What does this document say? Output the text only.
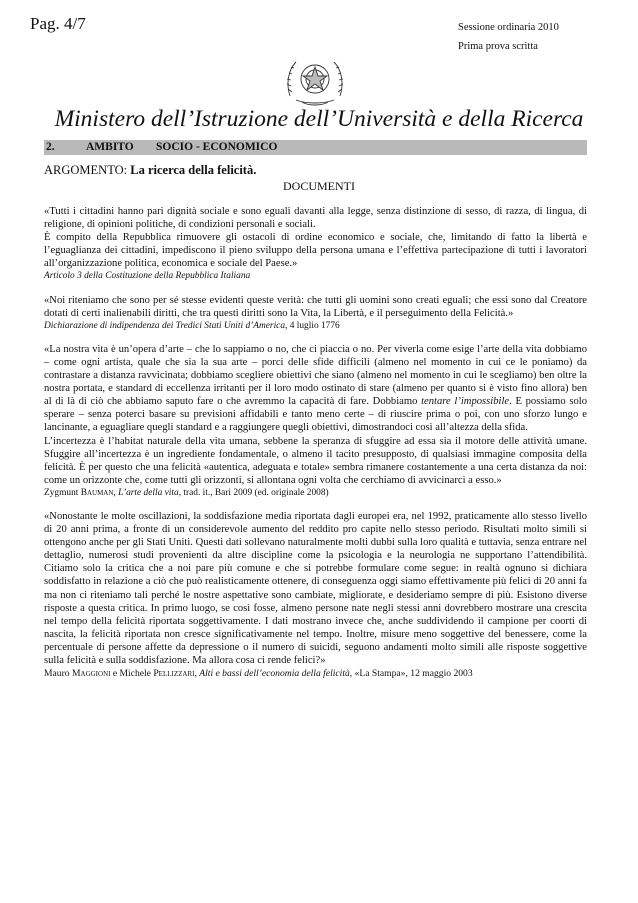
Pag. 4/7	Sessione ordinaria 2010
Prima prova scritta
Ministero dell’Istruzione dell’Università e della Ricerca
2.	AMBITO SOCIO - ECONOMICO
ARGOMENTO: La ricerca della felicità.
DOCUMENTI

«Tutti i cittadini hanno pari dignità sociale e sono eguali davanti alla legge, senza distinzione di sesso, di razza, di lingua, di religione, di opinioni politiche, di condizioni personali e sociali.

È compito della Repubblica rimuovere gli ostacoli di ordine economico e sociale, che, limitando di fatto la libertà e l’eguaglianza dei cittadini, impediscono il pieno sviluppo della persona umana e l’effettiva partecipazione di tutti i lavoratori all’organizzazione politica, economica e sociale del Paese.»

Articolo 3 della Costituzione della Repubblica Italiana

«Noi riteniamo che sono per sé stesse evidenti queste verità: che tutti gli uomini sono creati eguali; che essi sono dal Creatore dotati di certi inalienabili diritti, che tra questi diritti sono la Vita, la Libertà, e il perseguimento della Felicità.»

Dichiarazione di indipendenza dei Tredici Stati Uniti d’America, 4 luglio 1776

«La nostra vita è un’opera d’arte – che lo sappiamo o no, che ci piaccia o no. Per viverla come esige l’arte della vita dobbiamo – come ogni artista, quale che sia la sua arte – porci delle sfide difficili (almeno nel momento in cui ce le poniamo) da contrastare a distanza ravvicinata; dobbiamo scegliere obiettivi che siano (almeno nel momento in cui le scegliamo) ben oltre la nostra portata, e standard di eccellenza irritanti per il loro modo ostinato di stare (almeno per quanto si è visto fino allora) ben al di là di ciò che abbiamo saputo fare o che avremmo la capacità di fare. Dobbiamo tentare l’impossibile. E possiamo solo sperare – senza poterci basare su previsioni affidabili e tanto meno certe – di riuscire prima o poi, con uno sforzo lungo e lancinante, a eguagliare quegli standard e a raggiungere quegli obiettivi, dimostrandoci così all’altezza della sfida.

L’incertezza è l’habitat naturale della vita umana, sebbene la speranza di sfuggire ad essa sia il motore delle attività umane. Sfuggire all’incertezza è un ingrediente fondamentale, o almeno il tacito presupposto, di qualsiasi immagine composita della felicità. È per questo che una felicità «autentica, adeguata e totale» sembra rimanere costantemente a una certa distanza da noi: come un orizzonte che, come tutti gli orizzonti, si allontana ogni volta che cerchiamo di avvicinarci a esso.»

Zygmunt Bauman, L’arte della vita, trad. it., Bari 2009 (ed. originale 2008)

«Nonostante le molte oscillazioni, la soddisfazione media riportata dagli europei era, nel 1992, praticamente allo stesso livello di 20 anni prima, a fronte di un considerevole aumento del reddito pro capite nello stesso periodo. Risultati molto simili si ottengono anche per gli Stati Uniti. Questi dati sollevano naturalmente molti dubbi sulla loro qualità e tuttavia, senza entrare nel dettaglio, numerosi studi provenienti da altre discipline come la psicologia e la neurologia ne supportano l’attendibilità. Citiamo solo la critica che a noi pare più comune e che si potrebbe formulare come segue: in realtà ognuno si dichiara soddisfatto in relazione a ciò che può realisticamente ottenere, di conseguenza oggi siamo effettivamente più felici di 20 anni fa ma non ci riteniamo tali perché le nostre aspettative sono cambiate, migliorate, e desideriamo sempre di più. Esistono diverse risposte a questa critica. In primo luogo, se così fosse, almeno persone nate negli stessi anni dovrebbero mostrare una crescita nel tempo della felicità riportata soggettivamente. I dati mostrano invece che, anche suddividendo il campione per coorti di nascita, la felicità riportata non cresce significativamente nel tempo. Inoltre, misure meno soggettive del benessere, come la percentuale di persone affette da depressione o il numero di suicidi, seguono andamenti molto simili alle risposte soggettive sulla felicità e sulla soddisfazione. Ma allora cosa ci rende felici?»

Mauro Maggioni e Michele Pellizzari, Alti e bassi dell’economia della felicità, «La Stampa», 12 maggio 2003
